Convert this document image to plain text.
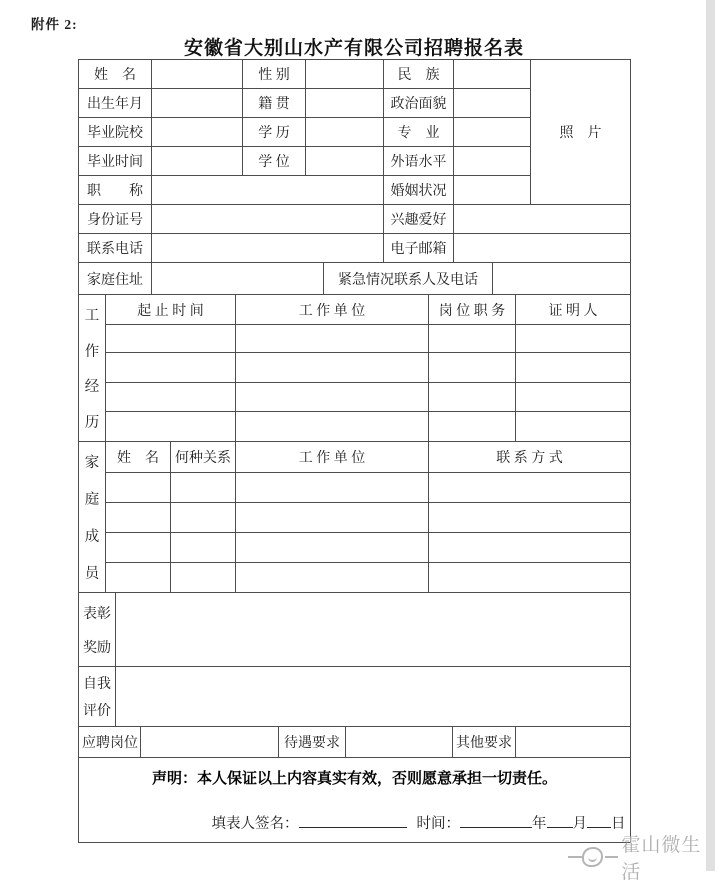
附件 2:
安徽省大别山水产有限公司招聘报名表
姓　名		性 别		民　族		照　片
出生年月		籍 贯		政治面貌		
毕业院校		学 历		专　业		
毕业时间		学 位		外语水平		
职　　称				婚姻状况		
身份证号		兴趣爱好	
联系电话		电子邮箱	
家庭住址		紧急情况联系人及电话	
工
作
经
历	起 止 时 间	工 作 单 位	岗 位 职 务	证 明 人

家
庭
成
员	姓　名	何种关系	工 作 单 位	联 系 方 式

表彰
奖励

自我
评价

应聘岗位		待遇要求		其他要求	
声明：本人保证以上内容真实有效，否则愿意承担一切责任。
填表人签名：	时间：	年 月 日
霍山微生活
